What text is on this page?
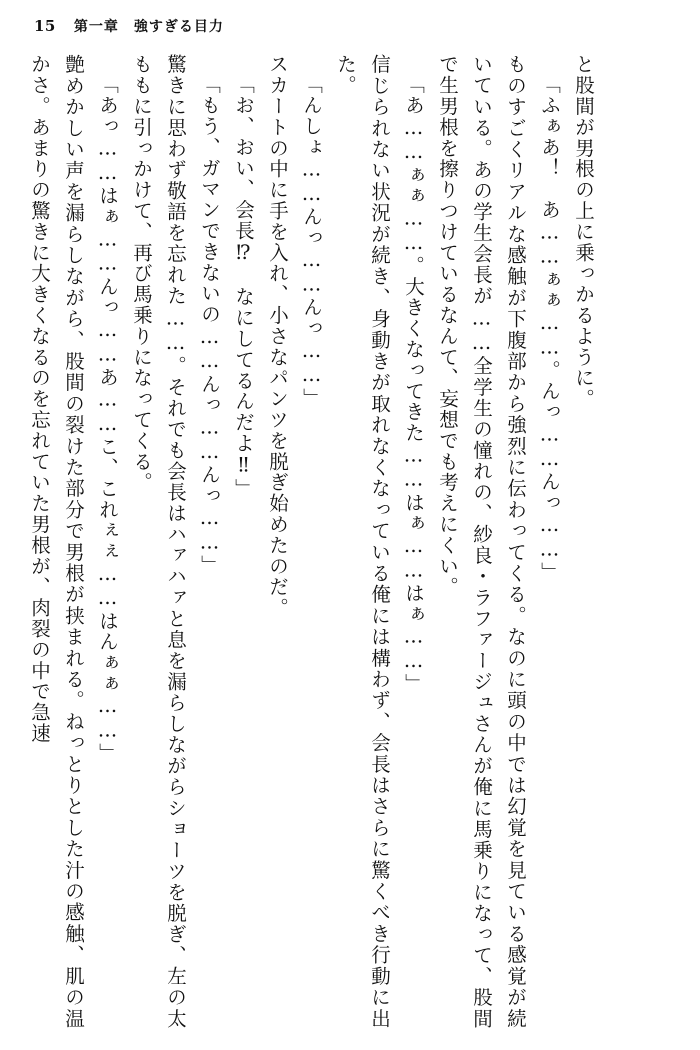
15 第一章　強すぎる目力

と股間が男根の上に乗っかるように。

「ふぁあ！　あ……ぁぁ……。んっ……んっ……」

ものすごくリアルな感触が下腹部から強烈に伝わってくる。なのに頭の中では幻覚を見ている感覚が続いている。あの学生会長が……全学生の憧れの、紗良・ラファージュさんが俺に馬乗りになって、股間で生男根を擦りつけているなんて、妄想でも考えにくい。

「あ……ぁぁ……。大きくなってきた……はぁ……はぁ……」

信じられない状況が続き、身動きが取れなくなっている俺には構わず、会長はさらに驚くべき行動に出た。

「んしょ……んっ……んっ……」

スカートの中に手を入れ、小さなパンツを脱ぎ始めたのだ。

「お、おい、会長⁉　なにしてるんだよ‼」

「もう、ガマンできないの……んっ……んっ……」

驚きに思わず敬語を忘れた……。それでも会長はハァハァと息を漏らしながらショーツを脱ぎ、左の太ももに引っかけて、再び馬乗りになってくる。

「あっ……はぁ……んっ……あ……こ、これぇぇ……はんぁぁ……」

艶めかしい声を漏らしながら、股間の裂けた部分で男根が挟まれる。ねっとりとした汁の感触、肌の温かさ。あまりの驚きに大きくなるのを忘れていた男根が、肉裂の中で急速
